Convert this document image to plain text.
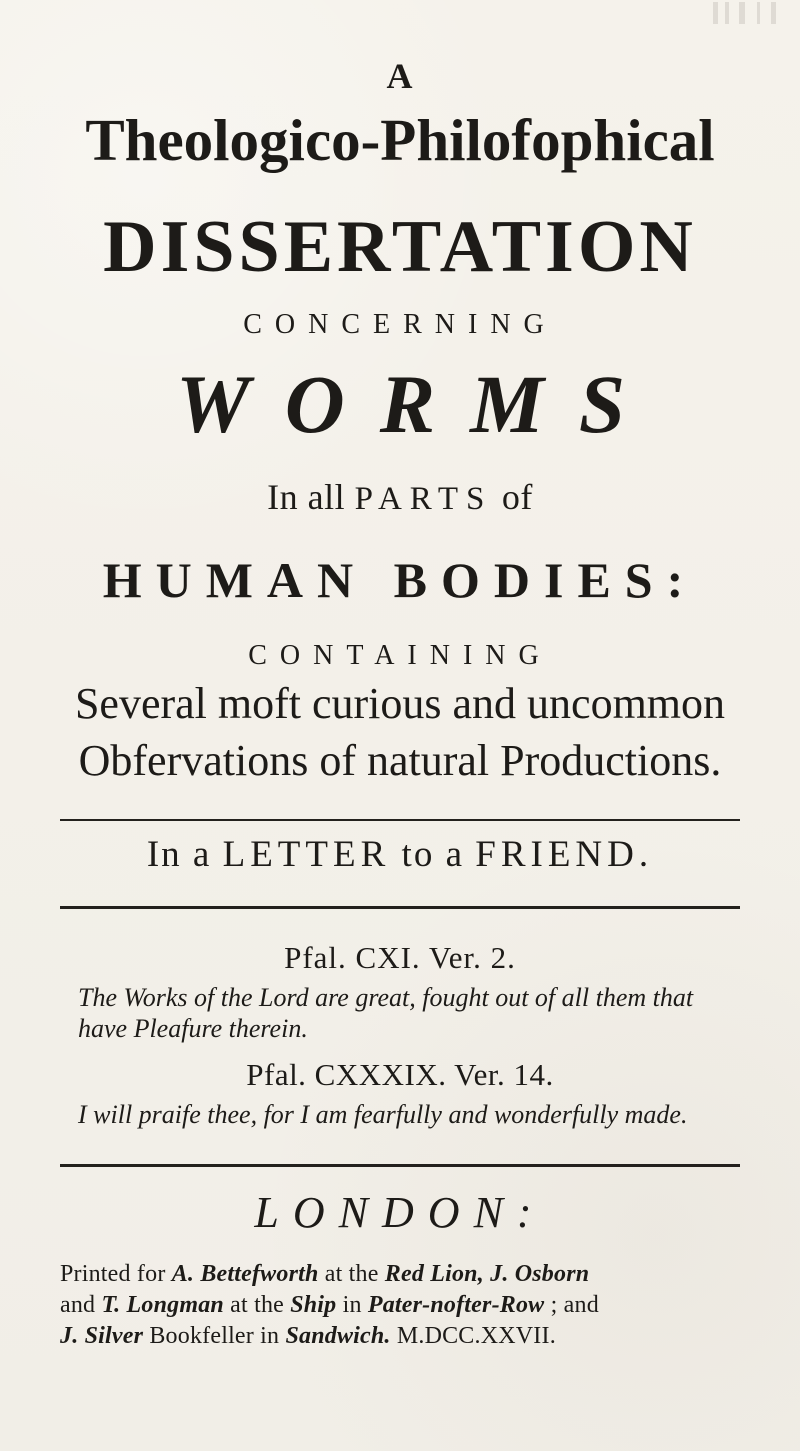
A
Theologico-Philofophical
DISSERTATION
CONCERNING
WORMS
In all PARTS of
HUMAN BODIES:
CONTAINING
Several moft curious and uncommon
Obfervations of natural Productions.
In a LETTER to a FRIEND.
Pfal. CXI. Ver. 2.
The Works of the Lord are great, fought out of all them that have Pleafure therein.
Pfal. CXXXIX. Ver. 14.
I will praife thee, for I am fearfully and wonderfully made.
LONDON:
Printed for A. Bettefworth at the Red Lion, J. Osborn
and T. Longman at the Ship in Pater-nofter-Row ; and
J. Silver Bookfeller in Sandwich. M.DCC.XXVII.
